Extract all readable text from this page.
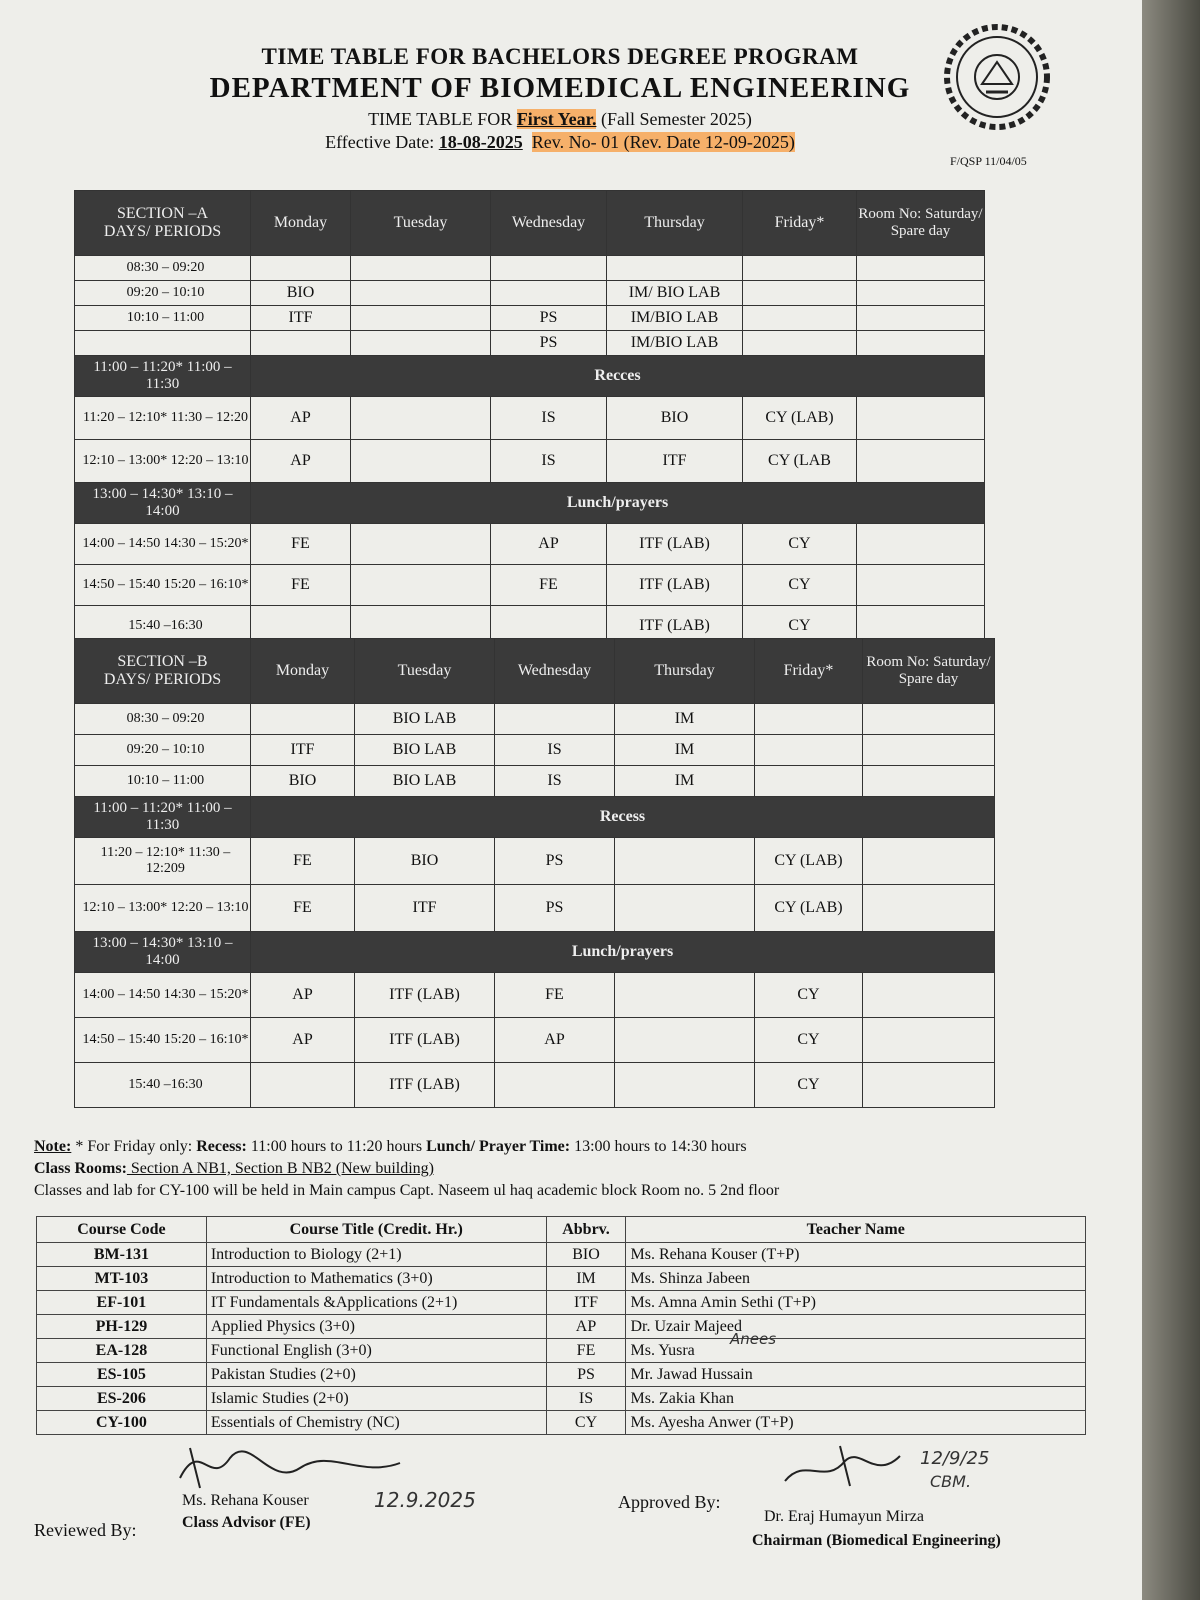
TIME TABLE FOR BACHELORS DEGREE PROGRAM
DEPARTMENT OF BIOMEDICAL ENGINEERING
TIME TABLE FOR First Year. (Fall Semester 2025)
Effective Date: 18-08-2025 Rev. No- 01 (Rev. Date 12-09-2025)
F/QSP 11/04/05
SECTION –A
DAYS/ PERIODS	Monday	Tuesday	Wednesday	Thursday	Friday*	Room No: Saturday/ Spare day
08:30 – 09:20						
09:20 – 10:10	BIO			IM/ BIO LAB		
10:10 – 11:00	ITF		PS	IM/BIO LAB		
			PS	IM/BIO LAB		
11:00 – 11:20* 11:00 – 11:30	Recces					
11:20 – 12:10* 11:30 – 12:20	AP		IS	BIO	CY (LAB)	
12:10 – 13:00* 12:20 – 13:10	AP		IS	ITF	CY (LAB	
13:00 – 14:30* 13:10 – 14:00	Lunch/prayers					
14:00 – 14:50 14:30 – 15:20*	FE		AP	ITF (LAB)	CY	
14:50 – 15:40 15:20 – 16:10*	FE		FE	ITF (LAB)	CY	
15:40 –16:30				ITF (LAB)	CY	
SECTION –B
DAYS/ PERIODS	Monday	Tuesday	Wednesday	Thursday	Friday*	Room No: Saturday/ Spare day
08:30 – 09:20		BIO LAB		IM		
09:20 – 10:10	ITF	BIO LAB	IS	IM		
10:10 – 11:00	BIO	BIO LAB	IS	IM		
11:00 – 11:20* 11:00 – 11:30	Recess					
11:20 – 12:10* 11:30 – 12:209	FE	BIO	PS		CY (LAB)	
12:10 – 13:00* 12:20 – 13:10	FE	ITF	PS		CY (LAB)	
13:00 – 14:30* 13:10 – 14:00	Lunch/prayers					
14:00 – 14:50 14:30 – 15:20*	AP	ITF (LAB)	FE		CY	
14:50 – 15:40 15:20 – 16:10*	AP	ITF (LAB)	AP		CY	
15:40 –16:30		ITF (LAB)			CY	
Note: * For Friday only: Recess: 11:00 hours to 11:20 hours Lunch/ Prayer Time: 13:00 hours to 14:30 hours
Class Rooms: Section A NB1, Section B NB2 (New building)
Classes and lab for CY-100 will be held in Main campus Capt. Naseem ul haq academic block Room no. 5 2nd floor
Course Code	Course Title (Credit. Hr.)	Abbrv.	Teacher Name
BM-131	Introduction to Biology (2+1)	BIO	Ms. Rehana Kouser (T+P)
MT-103	Introduction to Mathematics (3+0)	IM	Ms. Shinza Jabeen
EF-101	IT Fundamentals &Applications (2+1)	ITF	Ms. Amna Amin Sethi (T+P)
PH-129	Applied Physics (3+0)	AP	Dr. Uzair Majeed
EA-128	Functional English (3+0)	FE	Ms. Yusra
ES-105	Pakistan Studies (2+0)	PS	Mr. Jawad Hussain
ES-206	Islamic Studies (2+0)	IS	Ms. Zakia Khan
CY-100	Essentials of Chemistry (NC)	CY	Ms. Ayesha Anwer (T+P)
Anees
Reviewed By:
Ms. Rehana Kouser
Class Advisor (FE)
12.9.2025	Approved By:
12/9/25
CBM.
Dr. Eraj Humayun Mirza
Chairman (Biomedical Engineering)
